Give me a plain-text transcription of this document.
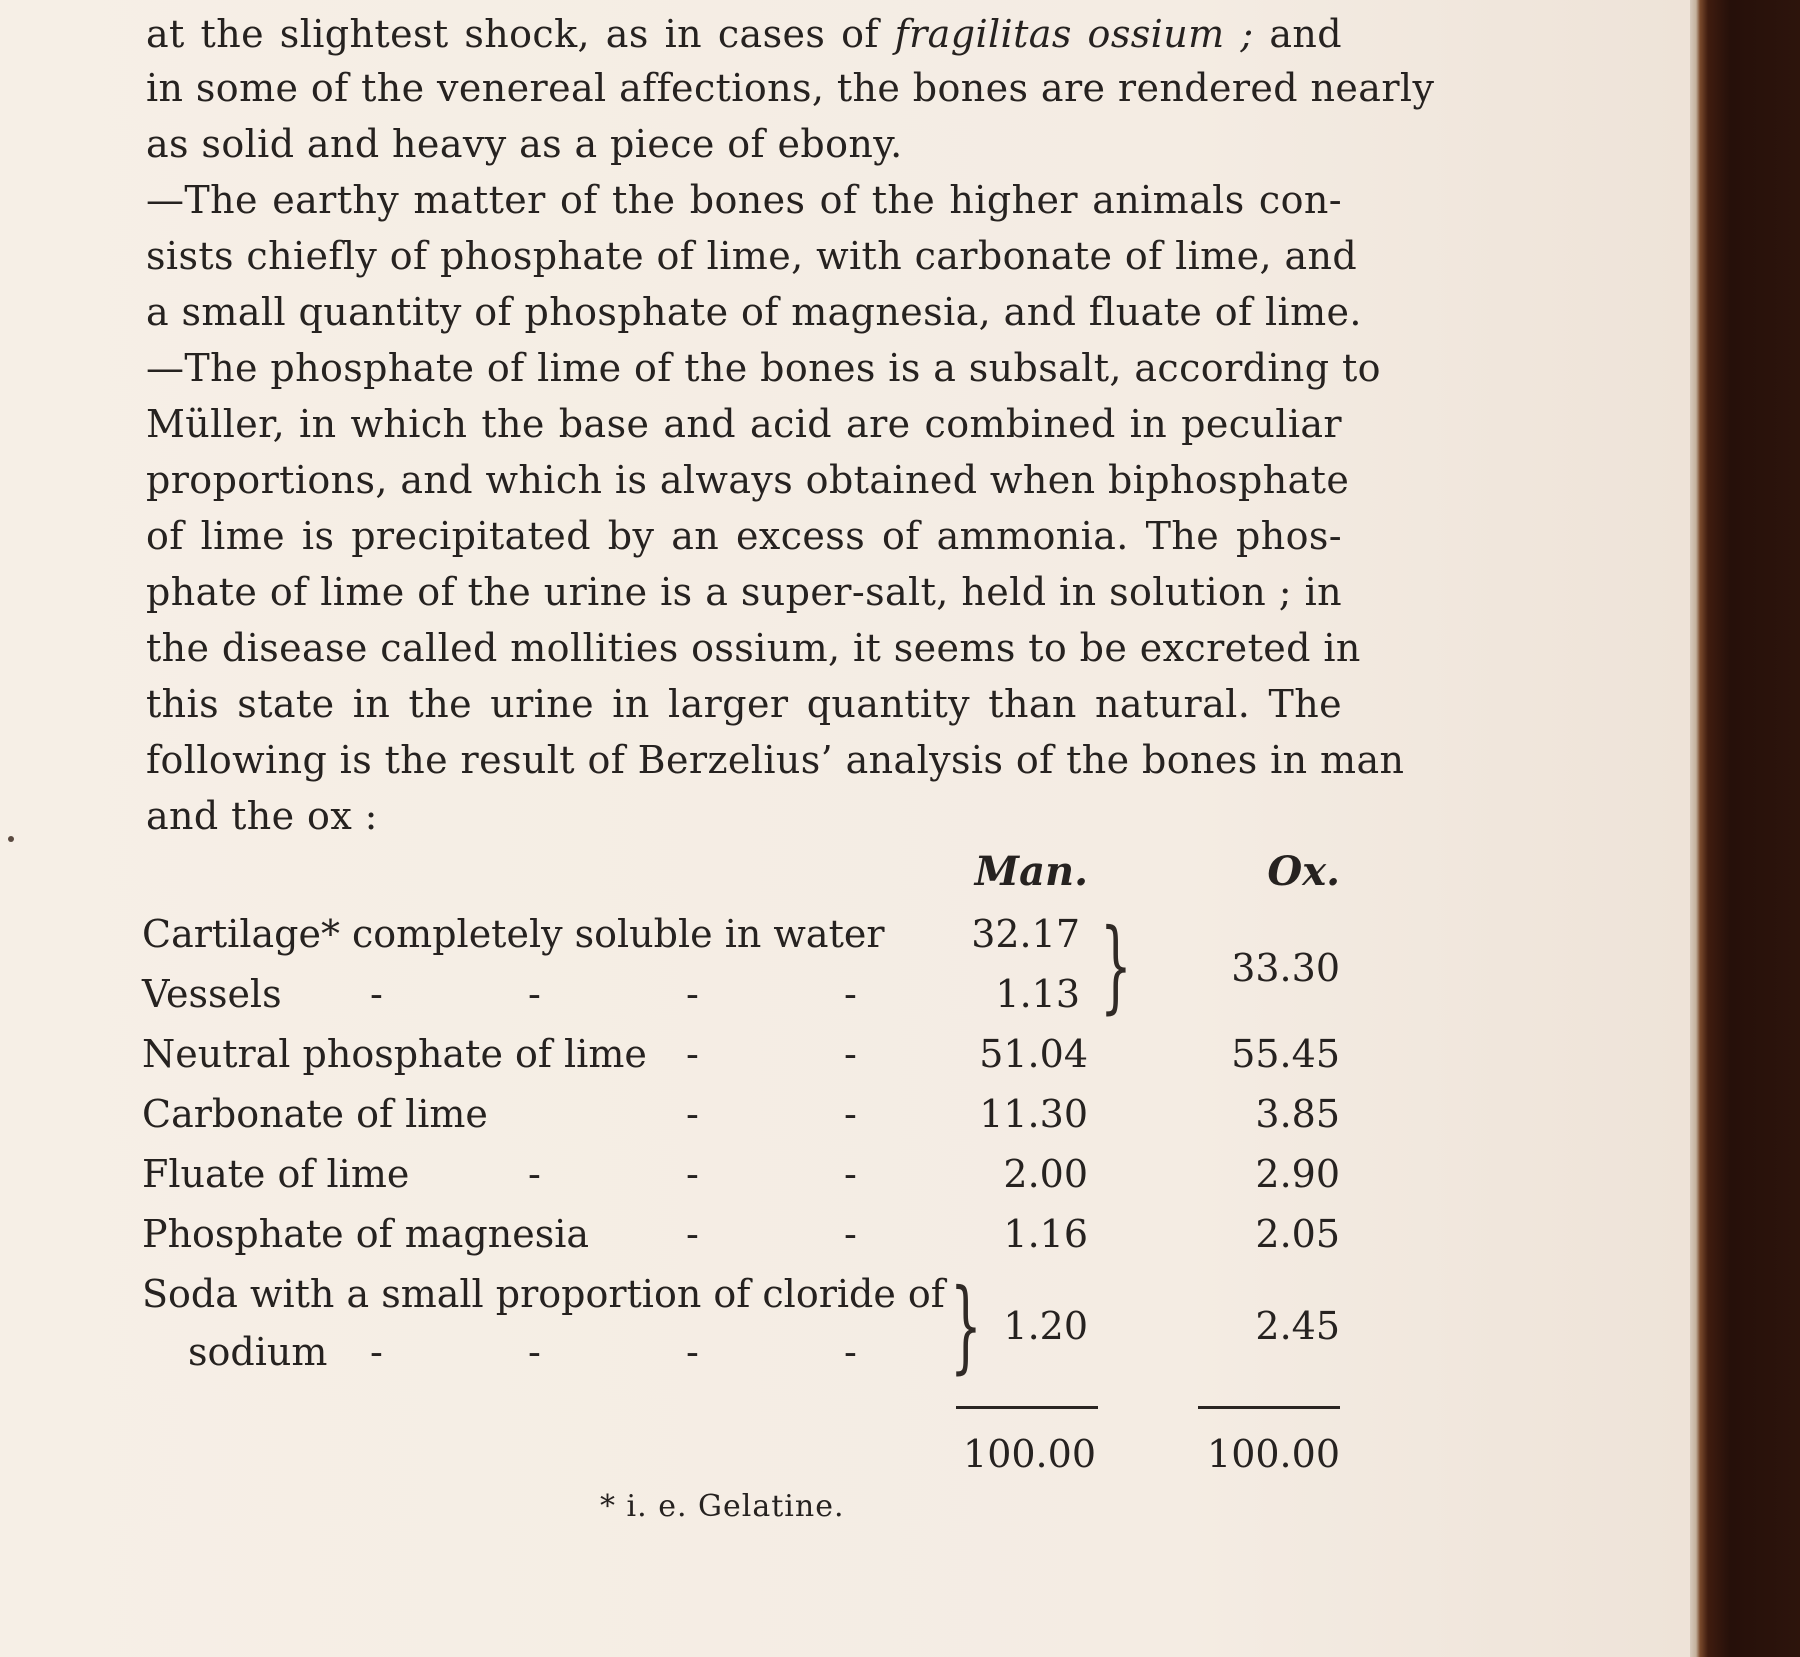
at the slightest shock, as in cases of fragilitas ossium ; and
in some of the venereal affections, the bones are rendered nearly
as solid and heavy as a piece of ebony.
—The earthy matter of the bones of the higher animals con-
sists chiefly of phosphate of lime, with carbonate of lime, and
a small quantity of phosphate of magnesia, and fluate of lime.
—The phosphate of lime of the bones is a subsalt, according to
Müller, in which the base and acid are combined in peculiar
proportions, and which is always obtained when biphosphate
of lime is precipitated by an excess of ammonia. The phos-
phate of lime of the urine is a super-salt, held in solution ; in
the disease called mollities ossium, it seems to be excreted in
this state in the urine in larger quantity than natural. The
following is the result of Berzelius’ analysis of the bones in man
and the ox :
Man.	Ox.
Cartilage* completely soluble in water	32.17
Vessels -	-	-	-	1.13 }	33.30
Neutral phosphate of lime -	-	51.04	55.45
Carbonate of lime	-	-	11.30	3.85
Fluate of lime	-	-	-	2.00	2.90
Phosphate of magnesia	-	-	1.16	2.05
Soda with a small proportion of cloride of
sodium -	-	-	- } 1.20	2.45
100.00	100.00
* i. e. Gelatine.
